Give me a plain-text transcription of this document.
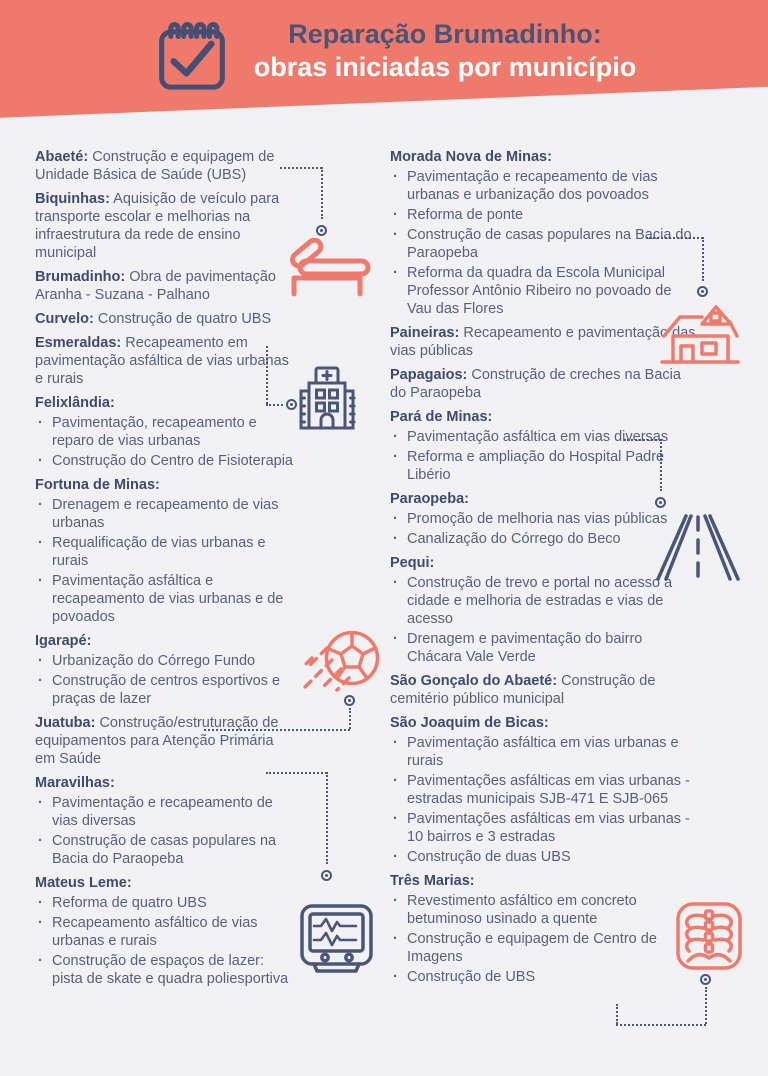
Reparação Brumadinho:
obras iniciadas por município

Abaeté: Construção e equipagem de Unidade Básica de Saúde (UBS)

Biquinhas: Aquisição de veículo para transporte escolar e melhorias na infraestrutura da rede de ensino municipal

Brumadinho: Obra de pavimentação Aranha - Suzana - Palhano

Curvelo: Construção de quatro UBS

Esmeraldas: Recapeamento em pavimentação asfáltica de vias urbanas e rurais

Felixlândia:

· Pavimentação, recapeamento e reparo de vias urbanas
· Construção do Centro de Fisioterapia

Fortuna de Minas:

· Drenagem e recapeamento de vias urbanas
· Requalificação de vias urbanas e rurais
· Pavimentação asfáltica e recapeamento de vias urbanas e de povoados

Igarapé:

· Urbanização do Córrego Fundo
· Construção de centros esportivos e praças de lazer

Juatuba: Construção/estruturação de equipamentos para Atenção Primária em Saúde

Maravilhas:

· Pavimentação e recapeamento de vias diversas
· Construção de casas populares na Bacia do Paraopeba

Mateus Leme:

· Reforma de quatro UBS
· Recapeamento asfáltico de vias urbanas e rurais
· Construção de espaços de lazer: pista de skate e quadra poliesportiva

Morada Nova de Minas:

· Pavimentação e recapeamento de vias urbanas e urbanização dos povoados
· Reforma de ponte
· Construção de casas populares na Bacia do Paraopeba
· Reforma da quadra da Escola Municipal Professor Antônio Ribeiro no povoado de Vau das Flores

Paineiras: Recapeamento e pavimentação das vias públicas

Papagaios: Construção de creches na Bacia do Paraopeba

Pará de Minas:

· Pavimentação asfáltica em vias diversas
· Reforma e ampliação do Hospital Padre Libério

Paraopeba:

· Promoção de melhoria nas vias públicas
· Canalização do Córrego do Beco

Pequi:

· Construção de trevo e portal no acesso à cidade e melhoria de estradas e vias de acesso
· Drenagem e pavimentação do bairro Chácara Vale Verde

São Gonçalo do Abaeté: Construção de cemitério público municipal

São Joaquim de Bicas:

· Pavimentação asfáltica em vias urbanas e rurais
· Pavimentações asfálticas em vias urbanas - estradas municipais SJB-471 E SJB-065
· Pavimentações asfálticas em vias urbanas - 10 bairros e 3 estradas
· Construção de duas UBS

Três Marias:

· Revestimento asfáltico em concreto betuminoso usinado a quente
· Construção e equipagem de Centro de Imagens
· Construção de UBS
